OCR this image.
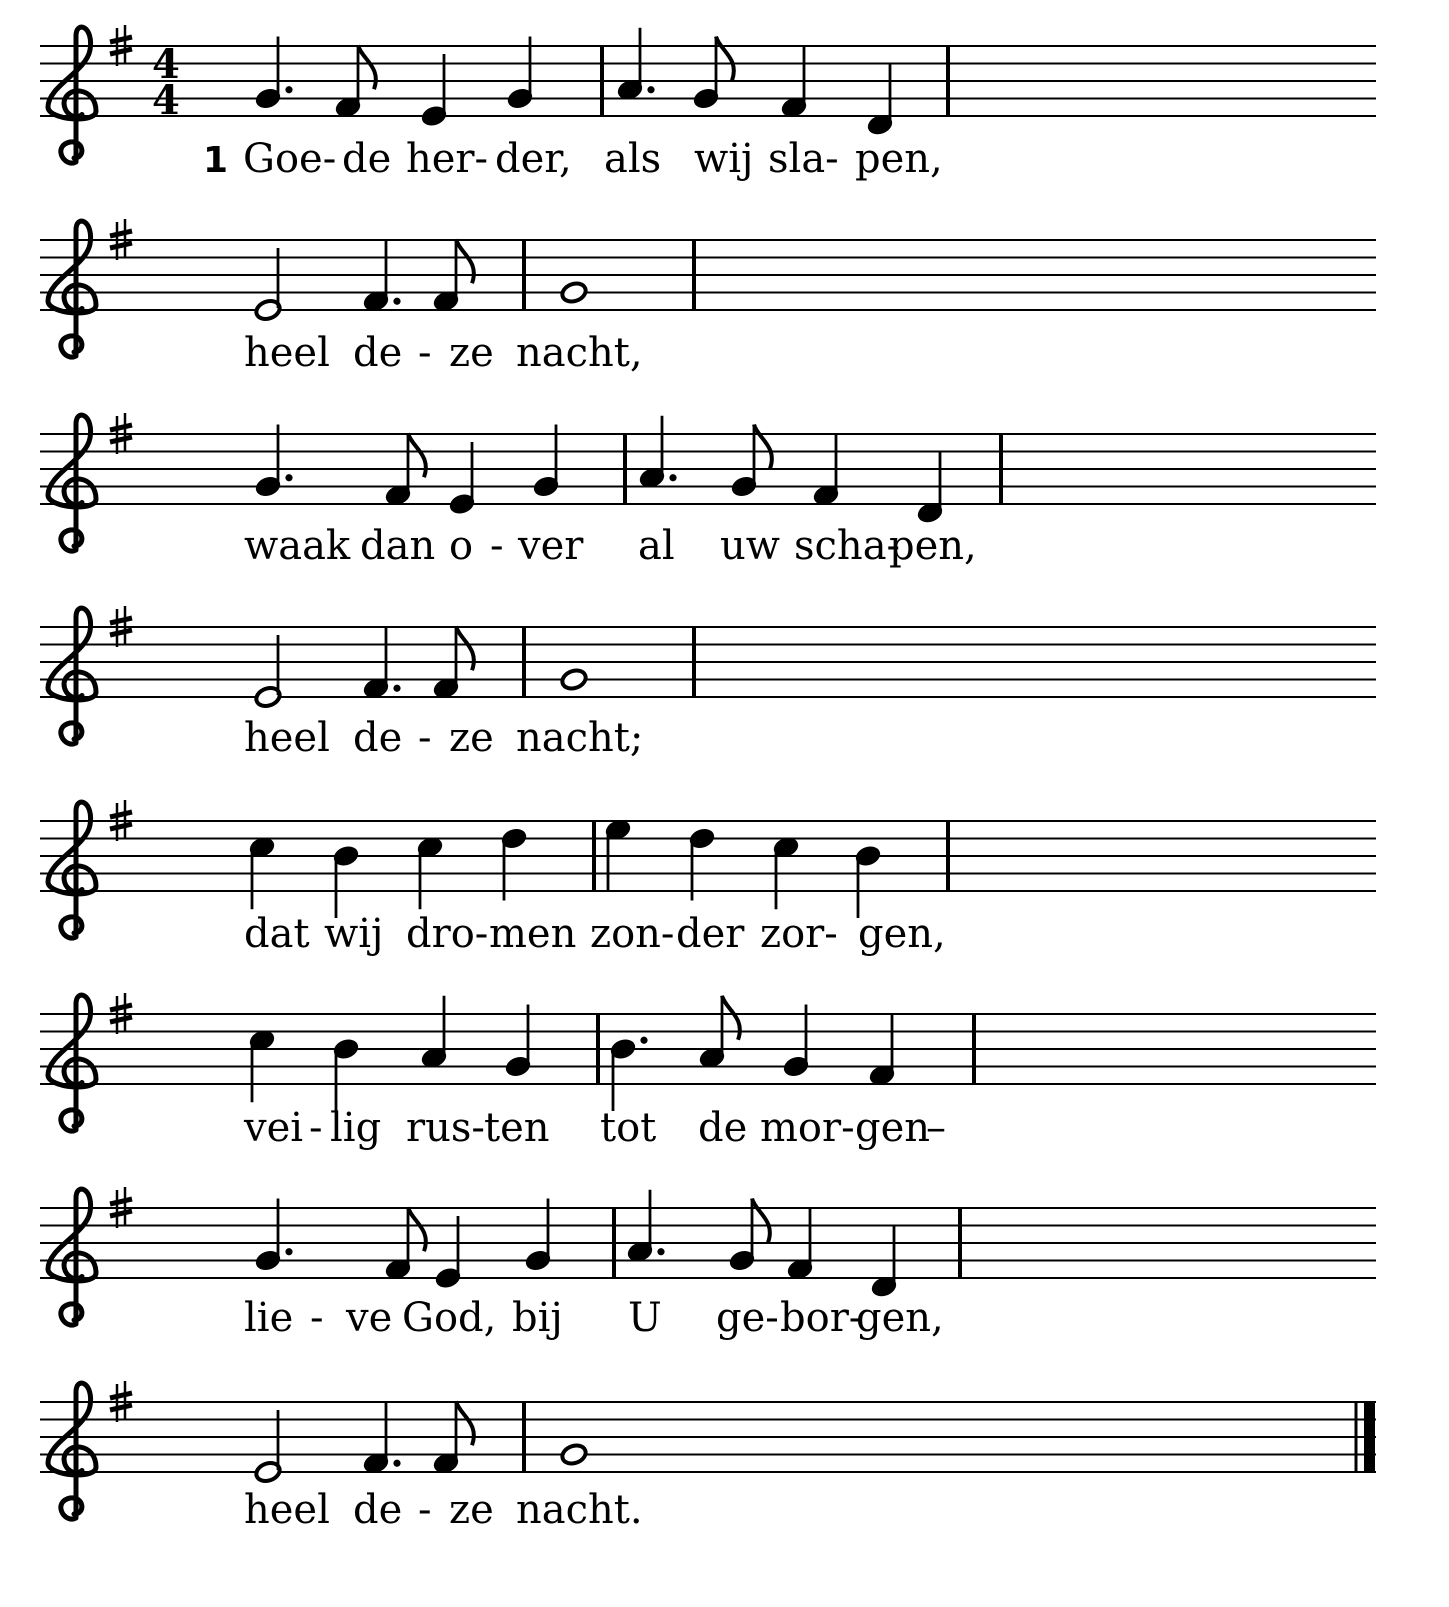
4
4
1 Goe- de her- der, als wij sla- pen,
heel de - ze nacht,
waak dan o - ver al uw scha-
pen,
heel de - ze nacht;
dat wij dro- men zon- der zor- gen,
vei - lig rus- ten tot de mor- gen
–
lie - ve God, bij U ge- bor-
gen,
heel de - ze nacht.
